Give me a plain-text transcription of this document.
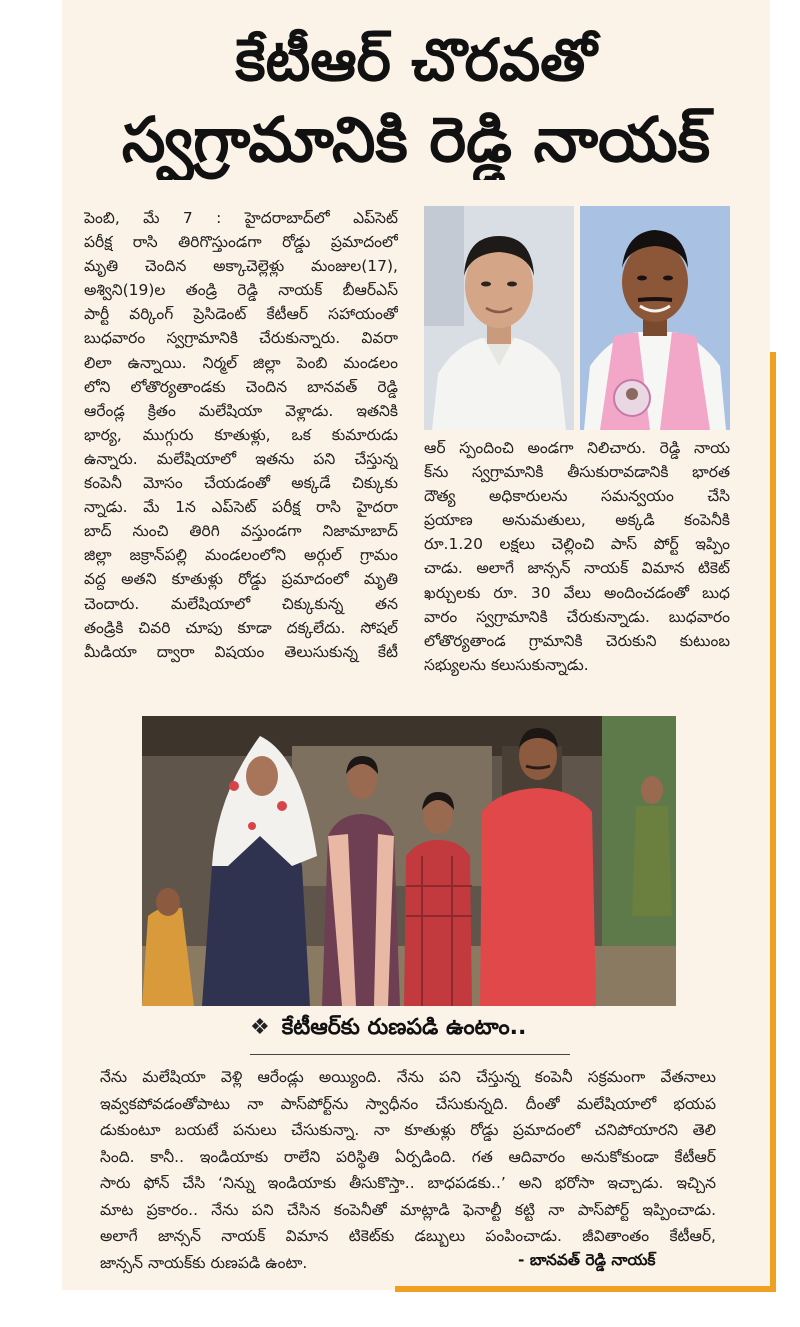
కేటీఆర్ చొరవతో
స్వగ్రామానికి రెడ్డి నాయక్

పెంబి, మే 7 : హైదరాబాద్‌లో ఎప్‌సెట్

పరీక్ష రాసి తిరిగొస్తుండగా రోడ్డు ప్రమాదంలో

మృతి చెందిన అక్కాచెల్లెళ్లు మంజుల(17),

అశ్విని(19)ల తండ్రి రెడ్డి నాయక్ బీఆర్ఎస్

పార్టీ వర్కింగ్ ప్రెసిడెంట్ కేటీఆర్ సహాయంతో

బుధవారం స్వగ్రామానికి చేరుకున్నారు. వివరా

లిలా ఉన్నాయి. నిర్మల్ జిల్లా పెంబి మండలం

లోని లోతొర్యతాండకు చెందిన బానవత్ రెడ్డి

ఆరేండ్ల క్రితం మలేషియా వెళ్లాడు. ఇతనికి

భార్య, ముగ్గురు కూతుళ్లు, ఒక కుమారుడు

ఉన్నారు. మలేషియాలో ఇతను పని చేస్తున్న

కంపెనీ మోసం చేయడంతో అక్కడే చిక్కుకు

న్నాడు. మే 1న ఎప్‌సెట్ పరీక్ష రాసి హైదరా

బాద్ నుంచి తిరిగి వస్తుండగా నిజామాబాద్

జిల్లా జక్రాన్‌పల్లి మండలంలోని అర్గుల్ గ్రామం

వద్ద అతని కూతుళ్లు రోడ్డు ప్రమాదంలో మృతి

చెందారు. మలేషియాలో చిక్కుకున్న తన

తండ్రికి చివరి చూపు కూడా దక్కలేదు. సోషల్

మీడియా ద్వారా విషయం తెలుసుకున్న కేటీ

ఆర్ స్పందించి అండగా నిలిచారు. రెడ్డి నాయ

క్‌ను స్వగ్రామానికి తీసుకురావడానికి భారత

దౌత్య అధికారులను సమన్వయం చేసి

ప్రయాణ అనుమతులు, అక్కడి కంపెనీకి

రూ.1.20 లక్షలు చెల్లించి పాస్ పోర్ట్ ఇప్పిం

చాడు. అలాగే జాన్సన్ నాయక్ విమాన టికెట్

ఖర్చులకు రూ. 30 వేలు అందించడంతో బుధ

వారం స్వగ్రామానికి చేరుకున్నాడు. బుధవారం

లోతొర్యతాండ గ్రామానికి చెరుకుని కుటుంబ

సభ్యులను కలుసుకున్నాడు.

❖ కేటీఆర్‌కు రుణపడి ఉంటాం..

నేను మలేషియా వెళ్లి ఆరేండ్లు అయ్యింది. నేను పని చేస్తున్న కంపెనీ సక్రమంగా వేతనాలు

ఇవ్వకపోవడంతోపాటు నా పాస్‌పోర్ట్‌ను స్వాధీనం చేసుకున్నది. దీంతో మలేషియాలో భయప

డుకుంటూ బయటే పనులు చేసుకున్నా. నా కూతుళ్లు రోడ్డు ప్రమాదంలో చనిపోయారని తెలి

సింది. కానీ.. ఇండియాకు రాలేని పరిస్థితి ఏర్పడింది. గత ఆదివారం అనుకోకుండా కేటీఆర్

సారు ఫోన్ చేసి ‘నిన్ను ఇండియాకు తీసుకొస్తా.. బాధపడకు..’ అని భరోసా ఇచ్చాడు. ఇచ్చిన

మాట ప్రకారం.. నేను పని చేసిన కంపెనీతో మాట్లాడి ఫెనాల్టీ కట్టి నా పాస్‌పోర్ట్ ఇప్పించాడు.

అలాగే జాన్సన్ నాయక్ విమాన టికెట్‌కు డబ్బులు పంపించాడు. జీవితాంతం కేటీఆర్,

జాన్సన్ నాయక్‌కు రుణపడి ఉంటా.	- బానవత్ రెడ్డి నాయక్
